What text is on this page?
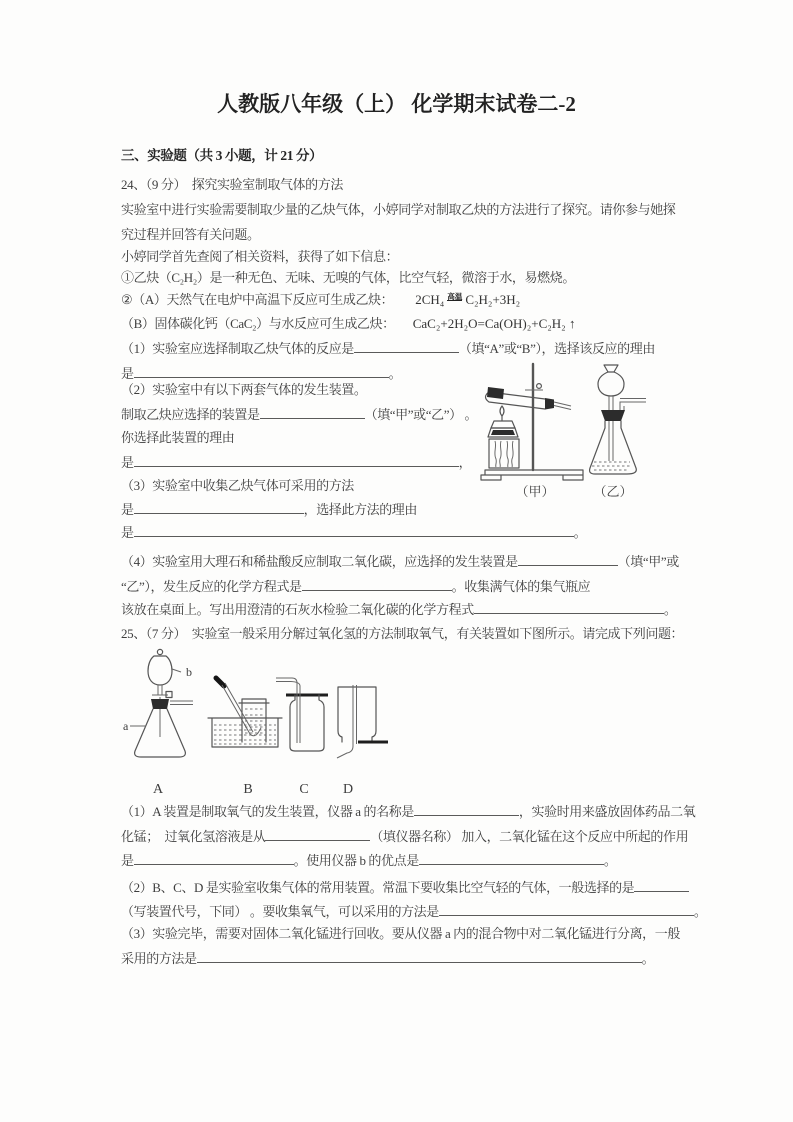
人教版八年级（上） 化学期末试卷二-2
三、实验题（共 3 小题，计 21 分）
24、（9 分）  探究实验室制取气体的方法
实验室中进行实验需要制取少量的乙炔气体，小婷同学对制取乙炔的方法进行了探究。请你参与她探
究过程并回答有关问题。
小婷同学首先查阅了相关资料，获得了如下信息：
①乙炔（C₂H₂）是一种无色、无味、无嗅的气体，比空气轻，微溶于水，易燃烧。
②（A）天然气在电炉中高温下反应可生成乙炔： 2CH₄ 高温 C₂H₂+3H₂
（B）固体碳化钙（CaC₂）与水反应可生成乙炔： CaC₂+2H₂O=Ca(OH)₂+C₂H₂ ↑
（1）实验室应选择制取乙炔气体的反应是	（填“A”或“B”），选择该反应的理由
是	。
（2）实验室中有以下两套气体的发生装置。
制取乙炔应选择的装置是	（填“甲”或“乙”） 。
你选择此装置的理由
是	，
（3）实验室中收集乙炔气体可采用的方法
是	，选择此方法的理由
是	。
（4）实验室用大理石和稀盐酸反应制取二氧化碳，应选择的发生装置是	（填“甲”或
“乙”），发生反应的化学方程式是	。收集满气体的集气瓶应
该放在桌面上。写出用澄清的石灰水检验二氧化碳的化学方程式	。
（甲）	（乙）
25、（7 分）  实验室一般采用分解过氧化氢的方法制取氧气，有关装置如下图所示。请完成下列问题：
b
a
A	B	C D
（1）A 装置是制取氧气的发生装置，仪器 a 的名称是	，实验时用来盛放固体药品二氧
化锰；  过氧化氢溶液是从	（填仪器名称） 加入，二氧化锰在这个反应中所起的作用
是	。使用仪器 b 的优点是	。
（2）B、C、D 是实验室收集气体的常用装置。常温下要收集比空气轻的气体，一般选择的是
（写装置代号，下同） 。要收集氧气，可以采用的方法是	。
（3）实验完毕，需要对固体二氧化锰进行回收。要从仪器 a 内的混合物中对二氧化锰进行分离，一般
采用的方法是	。
